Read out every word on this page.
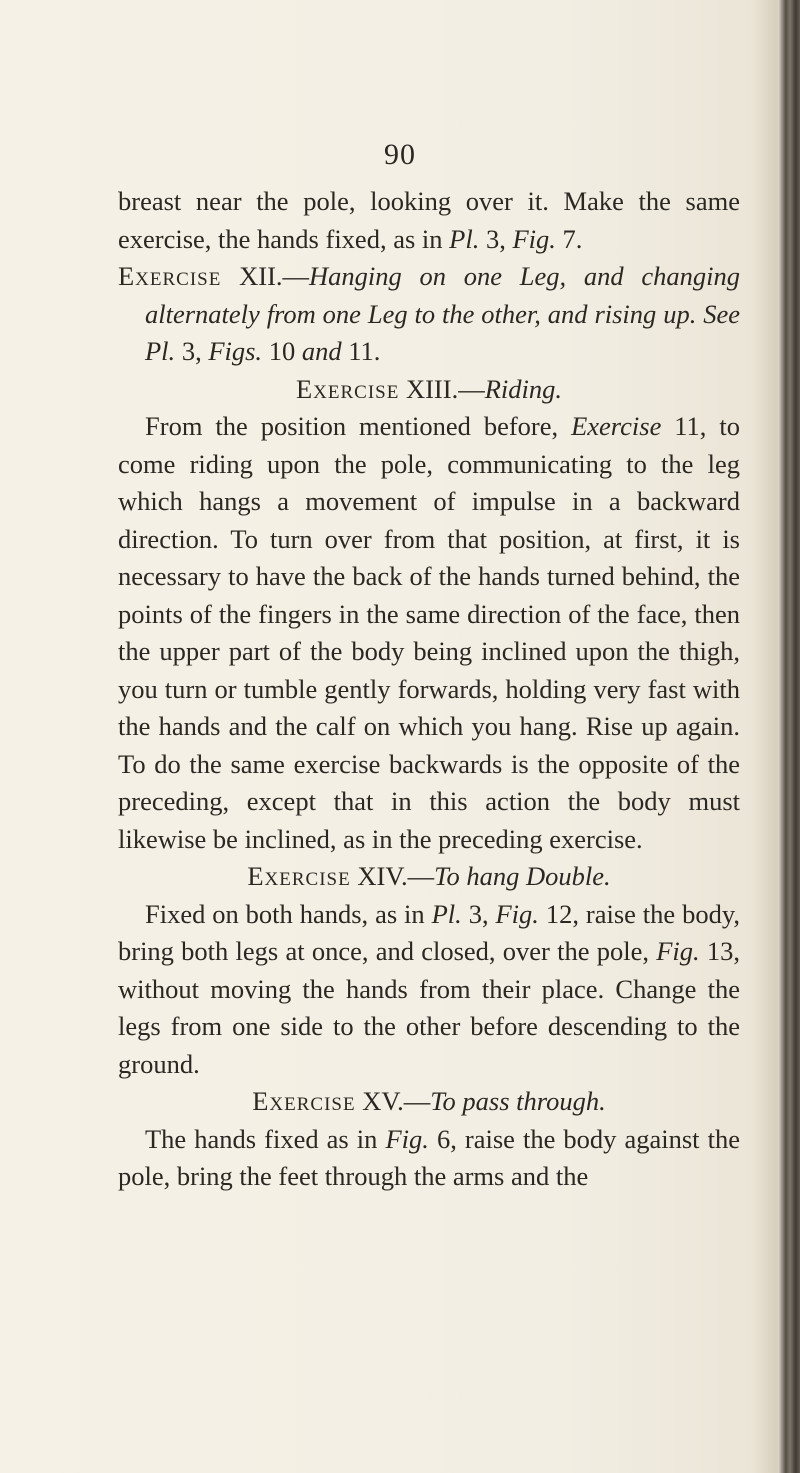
90

breast near the pole, looking over it. Make the same exercise, the hands fixed, as in Pl. 3, Fig. 7.

Exercise XII.—Hanging on one Leg, and changing alternately from one Leg to the other, and rising up. See Pl. 3, Figs. 10 and 11.

Exercise XIII.—Riding.

From the position mentioned before, Exercise 11, to come riding upon the pole, communicating to the leg which hangs a movement of impulse in a backward direction. To turn over from that position, at first, it is necessary to have the back of the hands turned behind, the points of the fingers in the same direction of the face, then the upper part of the body being inclined upon the thigh, you turn or tumble gently forwards, holding very fast with the hands and the calf on which you hang. Rise up again. To do the same exercise backwards is the opposite of the preceding, except that in this action the body must likewise be inclined, as in the preceding exercise.

Exercise XIV.—To hang Double.

Fixed on both hands, as in Pl. 3, Fig. 12, raise the body, bring both legs at once, and closed, over the pole, Fig. 13, without moving the hands from their place. Change the legs from one side to the other before descending to the ground.

Exercise XV.—To pass through.

The hands fixed as in Fig. 6, raise the body against the pole, bring the feet through the arms and the
